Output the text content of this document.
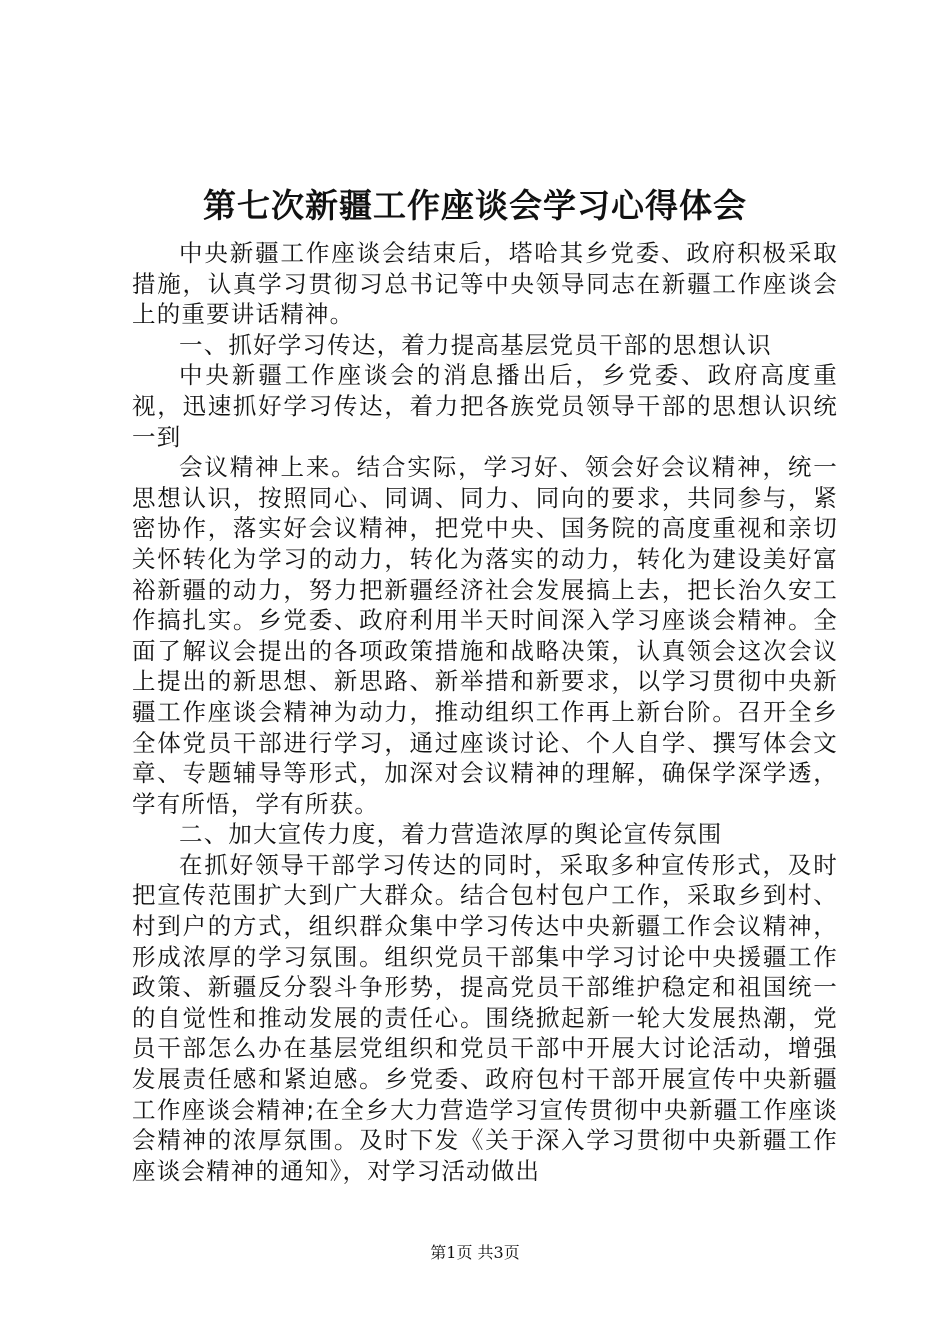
第七次新疆工作座谈会学习心得体会

中央新疆工作座谈会结束后，塔哈其乡党委、政府积极采取措施，认真学习贯彻习总书记等中央领导同志在新疆工作座谈会上的重要讲话精神。

一、抓好学习传达，着力提高基层党员干部的思想认识

中央新疆工作座谈会的消息播出后，乡党委、政府高度重视，迅速抓好学习传达，着力把各族党员领导干部的思想认识统一到

会议精神上来。结合实际，学习好、领会好会议精神，统一思想认识，按照同心、同调、同力、同向的要求，共同参与，紧密协作，落实好会议精神，把党中央、国务院的高度重视和亲切关怀转化为学习的动力，转化为落实的动力，转化为建设美好富裕新疆的动力，努力把新疆经济社会发展搞上去，把长治久安工作搞扎实。乡党委、政府利用半天时间深入学习座谈会精神。全面了解议会提出的各项政策措施和战略决策，认真领会这次会议上提出的新思想、新思路、新举措和新要求，以学习贯彻中央新疆工作座谈会精神为动力，推动组织工作再上新台阶。召开全乡全体党员干部进行学习，通过座谈讨论、个人自学、撰写体会文章、专题辅导等形式，加深对会议精神的理解，确保学深学透，学有所悟，学有所获。

二、加大宣传力度，着力营造浓厚的舆论宣传氛围

在抓好领导干部学习传达的同时，采取多种宣传形式，及时把宣传范围扩大到广大群众。结合包村包户工作，采取乡到村、村到户的方式，组织群众集中学习传达中央新疆工作会议精神，形成浓厚的学习氛围。组织党员干部集中学习讨论中央援疆工作政策、新疆反分裂斗争形势，提高党员干部维护稳定和祖国统一的自觉性和推动发展的责任心。围绕掀起新一轮大发展热潮，党员干部怎么办在基层党组织和党员干部中开展大讨论活动，增强发展责任感和紧迫感。乡党委、政府包村干部开展宣传中央新疆工作座谈会精神;在全乡大力营造学习宣传贯彻中央新疆工作座谈会精神的浓厚氛围。及时下发《关于深入学习贯彻中央新疆工作座谈会精神的通知》，对学习活动做出

第1页 共3页
